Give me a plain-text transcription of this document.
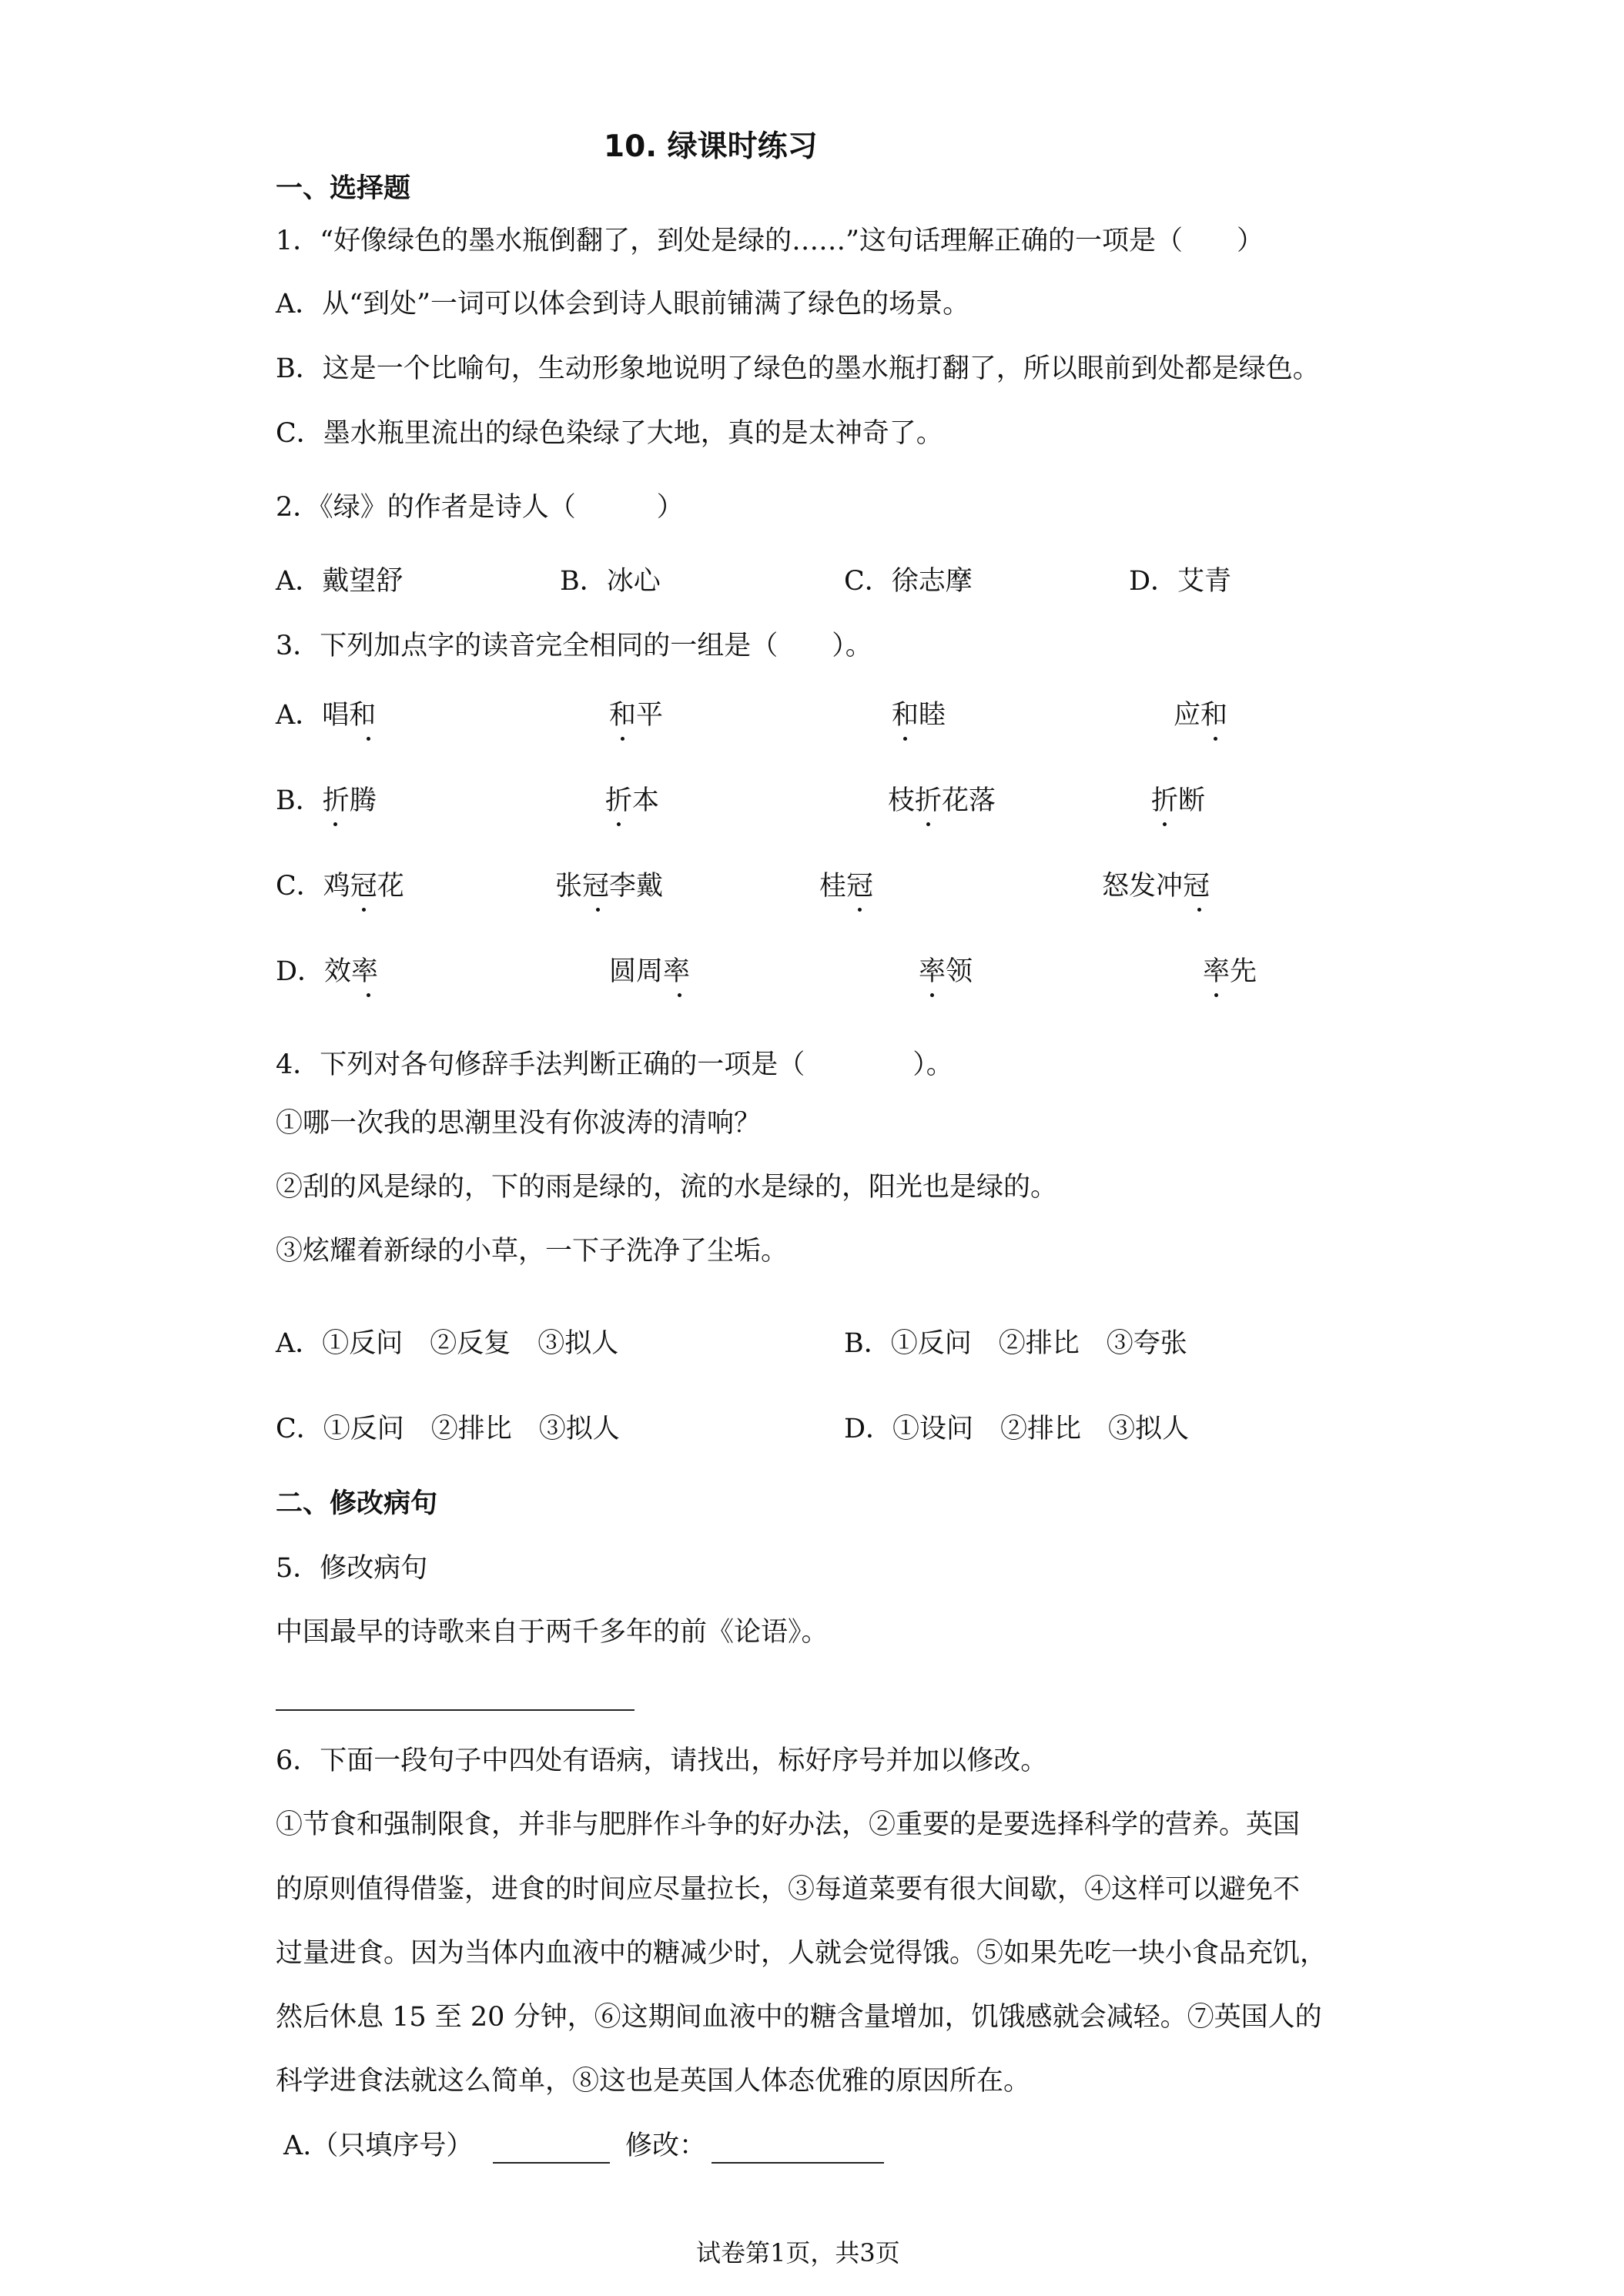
10. 绿课时练习
一、选择题
1．“好像绿色的墨水瓶倒翻了，到处是绿的……”这句话理解正确的一项是（　　）
A．从“到处”一词可以体会到诗人眼前铺满了绿色的场景。
B．这是一个比喻句，生动形象地说明了绿色的墨水瓶打翻了，所以眼前到处都是绿色。
C．墨水瓶里流出的绿色染绿了大地，真的是太神奇了。
2．《绿》的作者是诗人（　　　）
A．戴望舒	B．冰心	C．徐志摩	D．艾青
3．下列加点字的读音完全相同的一组是（　　）。
A．唱和	和平	和睦	应和
B．折腾	折本	枝折花落	折断
C．鸡冠花	张冠李戴	桂冠	怒发冲冠
D．效率	圆周率	率领	率先
4．下列对各句修辞手法判断正确的一项是（　　　　）。
①哪一次我的思潮里没有你波涛的清响？
②刮的风是绿的，下的雨是绿的，流的水是绿的，阳光也是绿的。
③炫耀着新绿的小草，一下子洗净了尘垢。
A．①反问　②反复　③拟人	B．①反问　②排比　③夸张
C．①反问　②排比　③拟人	D．①设问　②排比　③拟人
二、修改病句
5．修改病句
中国最早的诗歌来自于两千多年的前《论语》。
6．下面一段句子中四处有语病，请找出，标好序号并加以修改。
①节食和强制限食，并非与肥胖作斗争的好办法，②重要的是要选择科学的营养。英国
的原则值得借鉴，进食的时间应尽量拉长，③每道菜要有很大间歇，④这样可以避免不
过量进食。因为当体内血液中的糖减少时，人就会觉得饿。⑤如果先吃一块小食品充饥，
然后休息 15 至 20 分钟，⑥这期间血液中的糖含量增加，饥饿感就会减轻。⑦英国人的
科学进食法就这么简单，⑧这也是英国人体态优雅的原因所在。
A.（只填序号）	修改：
试卷第1页，共3页
